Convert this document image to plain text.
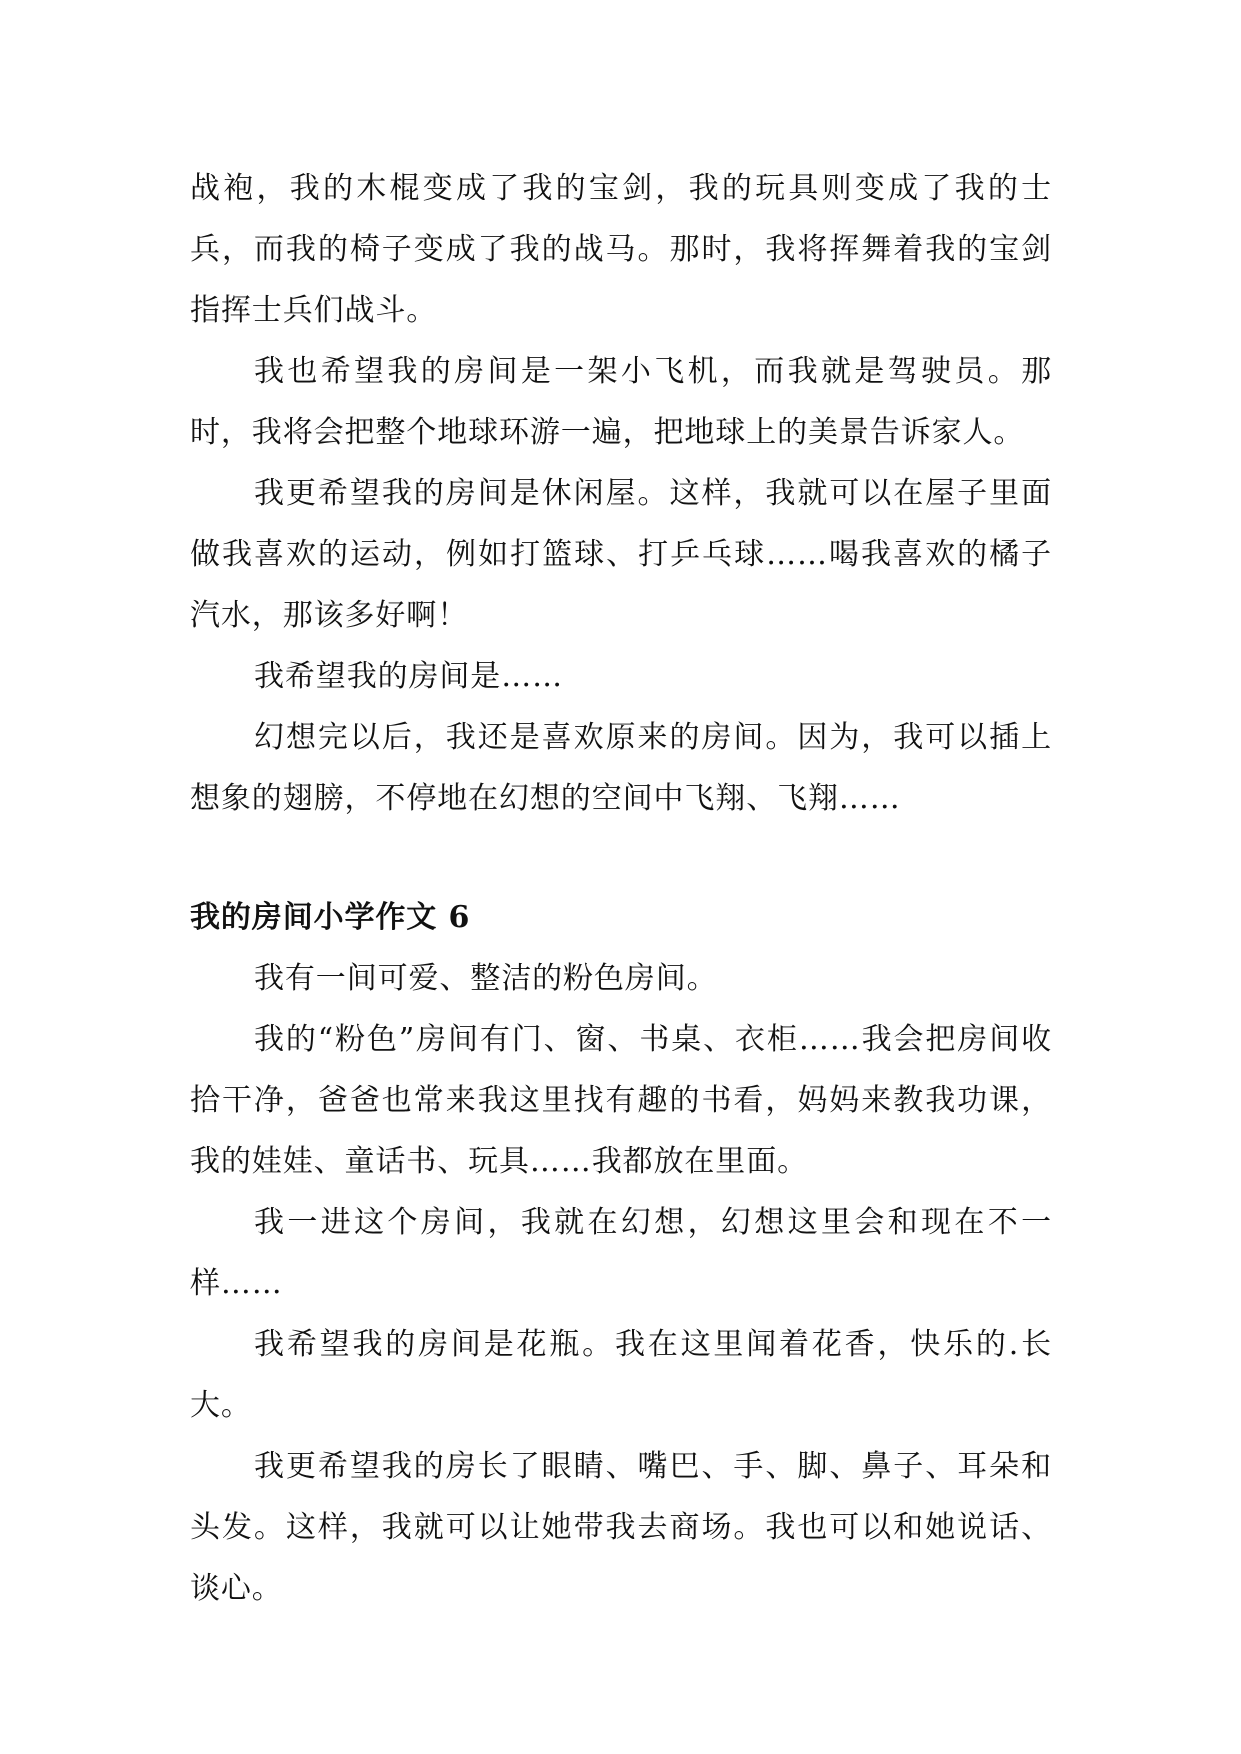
战袍，我的木棍变成了我的宝剑，我的玩具则变成了我的士兵，而我的椅子变成了我的战马。那时，我将挥舞着我的宝剑指挥士兵们战斗。

我也希望我的房间是一架小飞机，而我就是驾驶员。那时，我将会把整个地球环游一遍，把地球上的美景告诉家人。

我更希望我的房间是休闲屋。这样，我就可以在屋子里面做我喜欢的运动，例如打篮球、打乒乓球……喝我喜欢的橘子汽水，那该多好啊！

我希望我的房间是……

幻想完以后，我还是喜欢原来的房间。因为，我可以插上想象的翅膀，不停地在幻想的空间中飞翔、飞翔……

我的房间小学作文 6

我有一间可爱、整洁的粉色房间。

我的“粉色”房间有门、窗、书桌、衣柜……我会把房间收拾干净，爸爸也常来我这里找有趣的书看，妈妈来教我功课，我的娃娃、童话书、玩具……我都放在里面。

我一进这个房间，我就在幻想，幻想这里会和现在不一样……

我希望我的房间是花瓶。我在这里闻着花香，快乐的.长大。

我更希望我的房长了眼睛、嘴巴、手、脚、鼻子、耳朵和头发。这样，我就可以让她带我去商场。我也可以和她说话、谈心。
